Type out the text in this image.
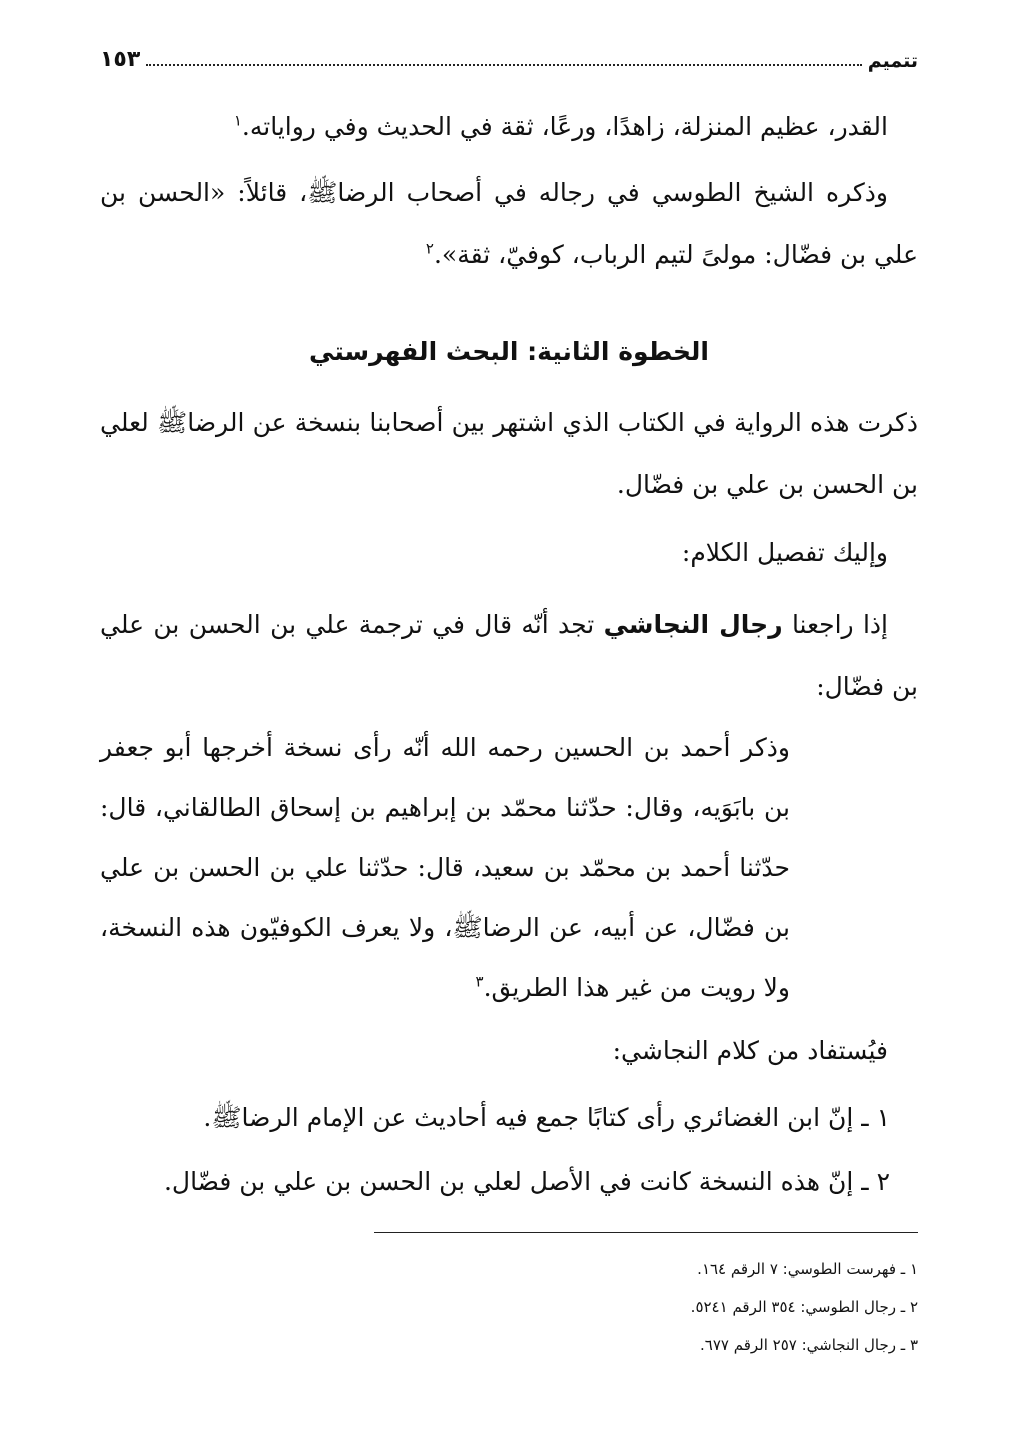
تتميم
١٥٣
القدر، عظيم المنزلة، زاهدًا، ورعًا، ثقة في الحديث وفي رواياته.$^١$
وذكره الشيخ الطوسي في رجاله في أصحاب الرضاﷺ، قائلاً: «الحسن بن علي بن فضّال: مولىً لتيم الرباب، كوفيّ، ثقة».$^٢$
الخطوة الثانية: البحث الفهرستي
ذكرت هذه الرواية في الكتاب الذي اشتهر بين أصحابنا بنسخة عن الرضاﷺ لعلي بن الحسن بن علي بن فضّال.
وإليك تفصيل الكلام:
إذا راجعنا رجال النجاشي تجد أنّه قال في ترجمة علي بن الحسن بن علي بن فضّال:
وذكر أحمد بن الحسين رحمه الله أنّه رأى نسخة أخرجها أبو جعفر بن بابَوَيه، وقال: حدّثنا محمّد بن إبراهيم بن إسحاق الطالقاني، قال: حدّثنا أحمد بن محمّد بن سعيد، قال: حدّثنا علي بن الحسن بن علي بن فضّال، عن أبيه، عن الرضاﷺ، ولا يعرف الكوفيّون هذه النسخة، ولا رويت من غير هذا الطريق.$^٣$
فيُستفاد من كلام النجاشي:
١ ـ إنّ ابن الغضائري رأى كتابًا جمع فيه أحاديث عن الإمام الرضاﷺ.
٢ ـ إنّ هذه النسخة كانت في الأصل لعلي بن الحسن بن علي بن فضّال.
١ ـ فهرست الطوسي: ٧ الرقم ١٦٤.
٢ ـ رجال الطوسي: ٣٥٤ الرقم ٥٢٤١.
٣ ـ رجال النجاشي: ٢٥٧ الرقم ٦٧٧.
